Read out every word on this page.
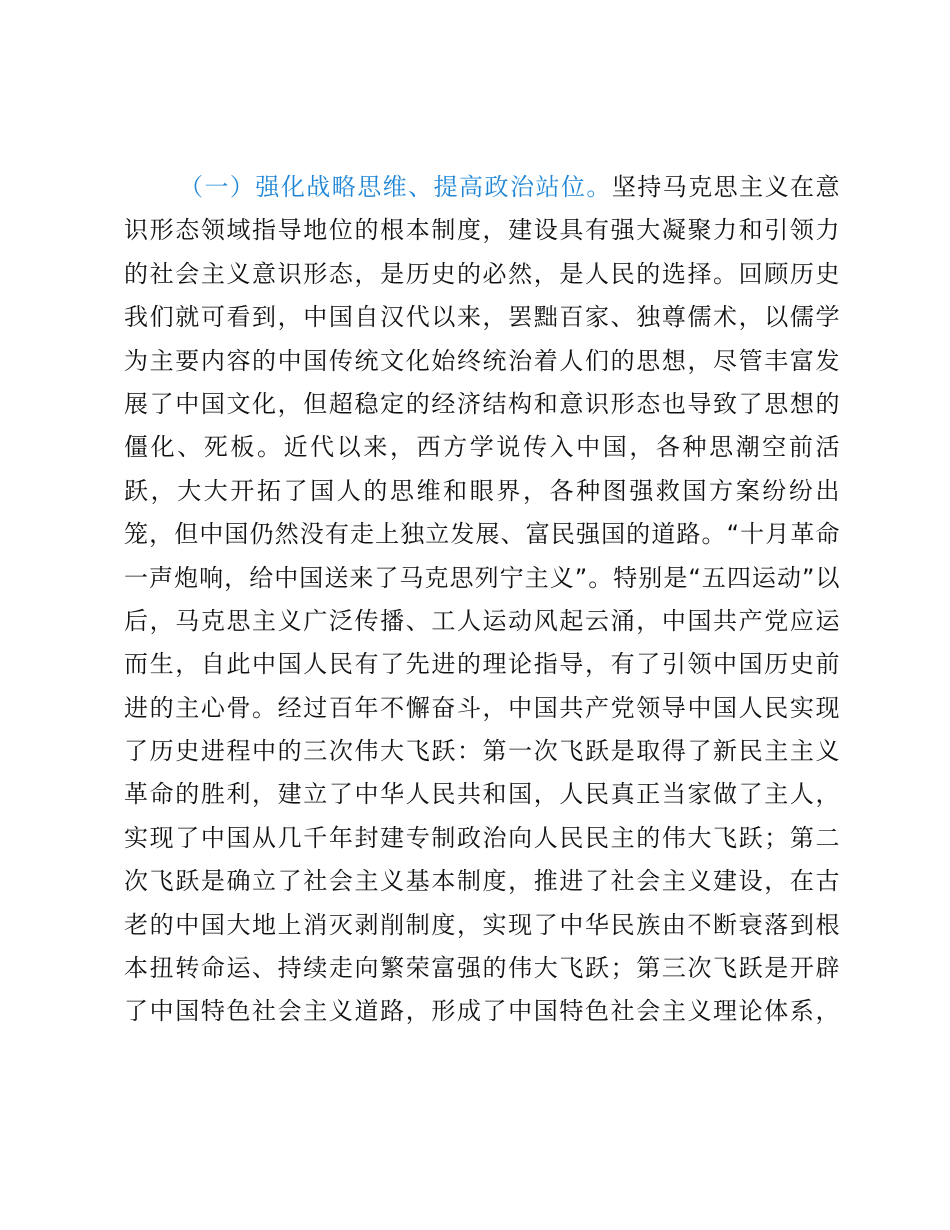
（一）强化战略思维、提高政治站位。坚持马克思主义在意
识形态领域指导地位的根本制度，建设具有强大凝聚力和引领力
的社会主义意识形态，是历史的必然，是人民的选择。回顾历史
我们就可看到，中国自汉代以来，罢黜百家、独尊儒术，以儒学
为主要内容的中国传统文化始终统治着人们的思想，尽管丰富发
展了中国文化，但超稳定的经济结构和意识形态也导致了思想的
僵化、死板。近代以来，西方学说传入中国，各种思潮空前活
跃，大大开拓了国人的思维和眼界，各种图强救国方案纷纷出
笼，但中国仍然没有走上独立发展、富民强国的道路。“十月革命
一声炮响，给中国送来了马克思列宁主义”。特别是“五四运动”以
后，马克思主义广泛传播、工人运动风起云涌，中国共产党应运
而生，自此中国人民有了先进的理论指导，有了引领中国历史前
进的主心骨。经过百年不懈奋斗，中国共产党领导中国人民实现
了历史进程中的三次伟大飞跃：第一次飞跃是取得了新民主主义
革命的胜利，建立了中华人民共和国，人民真正当家做了主人，
实现了中国从几千年封建专制政治向人民民主的伟大飞跃；第二
次飞跃是确立了社会主义基本制度，推进了社会主义建设，在古
老的中国大地上消灭剥削制度，实现了中华民族由不断衰落到根
本扭转命运、持续走向繁荣富强的伟大飞跃；第三次飞跃是开辟
了中国特色社会主义道路，形成了中国特色社会主义理论体系，
